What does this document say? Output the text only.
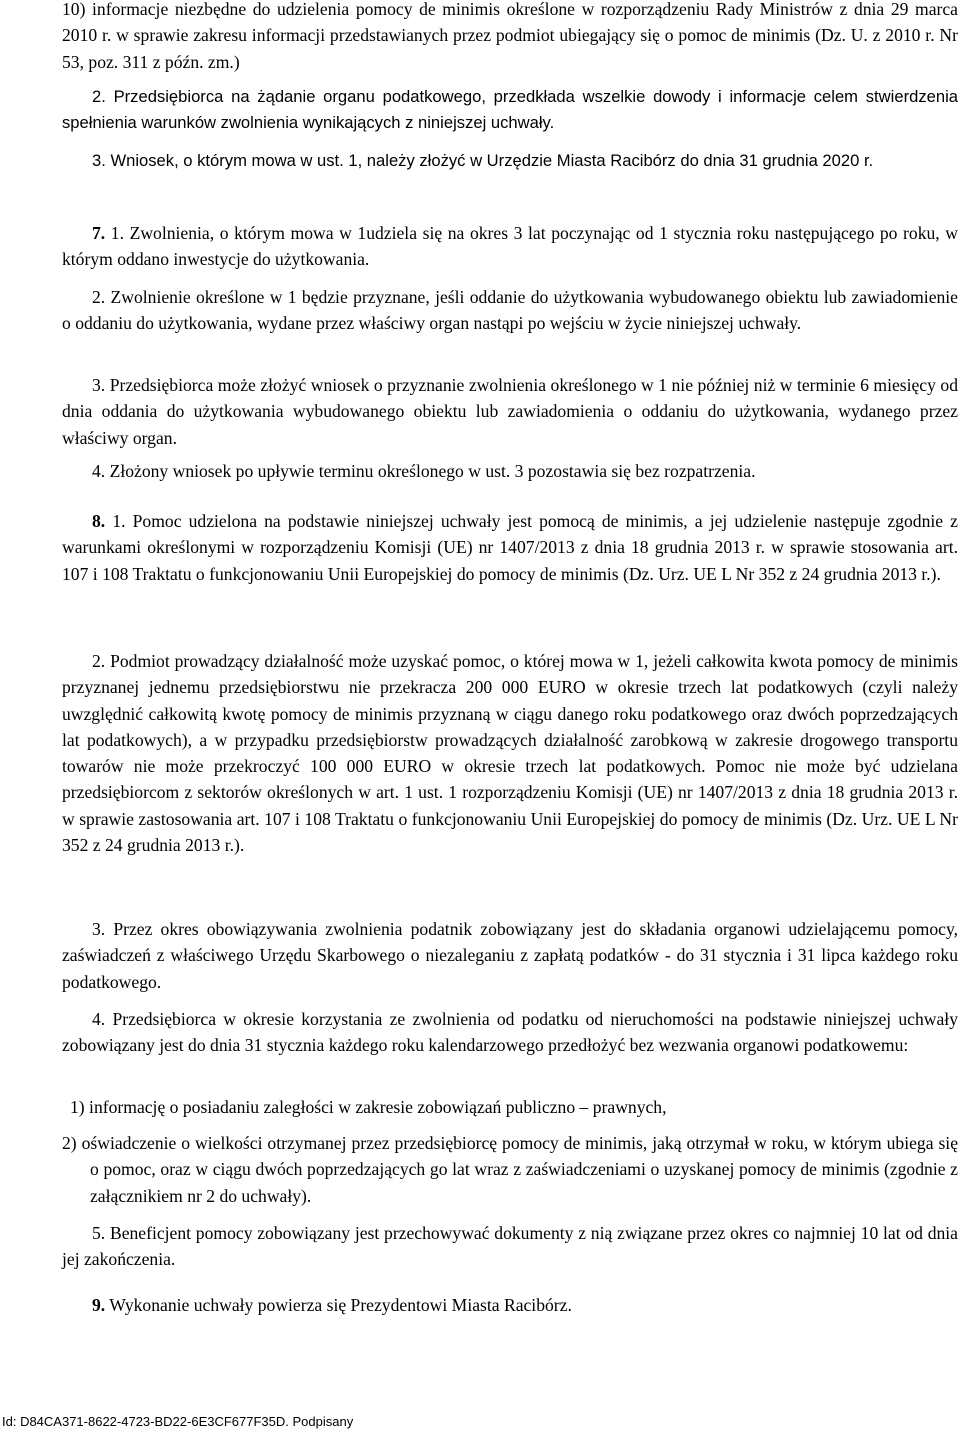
10) informacje niezbędne do udzielenia pomocy de minimis określone w rozporządzeniu Rady Ministrów z dnia 29 marca 2010 r. w sprawie zakresu informacji przedstawianych przez podmiot ubiegający się o pomoc de minimis (Dz. U. z 2010 r. Nr 53, poz. 311 z późn. zm.)
2. Przedsiębiorca na żądanie organu podatkowego, przedkłada wszelkie dowody i informacje celem stwierdzenia spełnienia warunków zwolnienia wynikających z niniejszej uchwały.
3. Wniosek, o którym mowa w ust. 1, należy złożyć w Urzędzie Miasta Racibórz do dnia 31 grudnia 2020 r.
7. 1. Zwolnienia, o którym mowa w 1udziela się na okres 3 lat poczynając od 1 stycznia roku następującego po roku, w którym oddano inwestycje do użytkowania.
2. Zwolnienie określone w 1 będzie przyznane, jeśli oddanie do użytkowania wybudowanego obiektu lub zawiadomienie o oddaniu do użytkowania, wydane przez właściwy organ nastąpi po wejściu w życie niniejszej uchwały.
3. Przedsiębiorca może złożyć wniosek o przyznanie zwolnienia określonego w 1 nie później niż w terminie 6 miesięcy od dnia oddania do użytkowania wybudowanego obiektu lub zawiadomienia o oddaniu do użytkowania, wydanego przez właściwy organ.
4. Złożony wniosek po upływie terminu określonego w ust. 3 pozostawia się bez rozpatrzenia.
8. 1. Pomoc udzielona na podstawie niniejszej uchwały jest pomocą de minimis, a jej udzielenie następuje zgodnie z warunkami określonymi w rozporządzeniu Komisji (UE) nr 1407/2013 z dnia 18 grudnia 2013 r. w sprawie stosowania art. 107 i 108 Traktatu o funkcjonowaniu Unii Europejskiej do pomocy de minimis (Dz. Urz. UE L Nr 352 z 24 grudnia 2013 r.).
2. Podmiot prowadzący działalność może uzyskać pomoc, o której mowa w 1, jeżeli całkowita kwota pomocy de minimis przyznanej jednemu przedsiębiorstwu nie przekracza 200 000 EURO w okresie trzech lat podatkowych (czyli należy uwzględnić całkowitą kwotę pomocy de minimis przyznaną w ciągu danego roku podatkowego oraz dwóch poprzedzających lat podatkowych), a w przypadku przedsiębiorstw prowadzących działalność zarobkową w zakresie drogowego transportu towarów nie może przekroczyć 100 000 EURO w okresie trzech lat podatkowych. Pomoc nie może być udzielana przedsiębiorcom z sektorów określonych w art. 1 ust. 1 rozporządzeniu Komisji (UE) nr 1407/2013 z dnia 18 grudnia 2013 r. w sprawie zastosowania art. 107 i 108 Traktatu o funkcjonowaniu Unii Europejskiej do pomocy de minimis (Dz. Urz. UE L Nr 352 z 24 grudnia 2013 r.).
3. Przez okres obowiązywania zwolnienia podatnik zobowiązany jest do składania organowi udzielającemu pomocy, zaświadczeń z właściwego Urzędu Skarbowego o niezaleganiu z zapłatą podatków - do 31 stycznia i 31 lipca każdego roku podatkowego.
4. Przedsiębiorca w okresie korzystania ze zwolnienia od podatku od nieruchomości na podstawie niniejszej uchwały zobowiązany jest do dnia 31 stycznia każdego roku kalendarzowego przedłożyć bez wezwania organowi podatkowemu:
1) informację o posiadaniu zaległości w zakresie zobowiązań publiczno – prawnych,
2) oświadczenie o wielkości otrzymanej przez przedsiębiorcę pomocy de minimis, jaką otrzymał w roku, w którym ubiega się o pomoc, oraz w ciągu dwóch poprzedzających go lat wraz z zaświadczeniami o uzyskanej pomocy de minimis (zgodnie z załącznikiem nr 2 do uchwały).
5. Beneficjent pomocy zobowiązany jest przechowywać dokumenty z nią związane przez okres co najmniej 10 lat od dnia jej zakończenia.
9. Wykonanie uchwały powierza się Prezydentowi Miasta Racibórz.
Id: D84CA371-8622-4723-BD22-6E3CF677F35D. Podpisany
